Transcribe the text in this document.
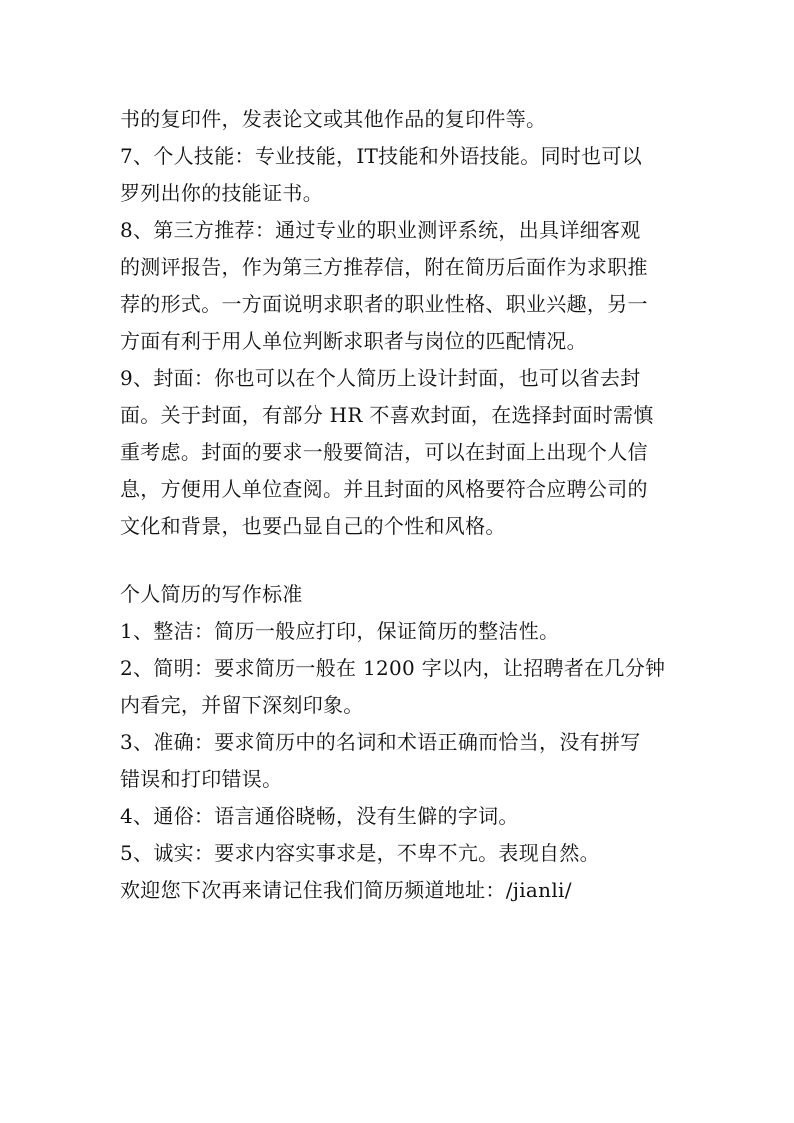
书的复印件，发表论文或其他作品的复印件等。
7、个人技能：专业技能，IT技能和外语技能。同时也可以
罗列出你的技能证书。
8、第三方推荐：通过专业的职业测评系统，出具详细客观
的测评报告，作为第三方推荐信，附在简历后面作为求职推
荐的形式。一方面说明求职者的职业性格、职业兴趣，另一
方面有利于用人单位判断求职者与岗位的匹配情况。
9、封面：你也可以在个人简历上设计封面，也可以省去封
面。关于封面，有部分 HR 不喜欢封面，在选择封面时需慎
重考虑。封面的要求一般要简洁，可以在封面上出现个人信
息，方便用人单位查阅。并且封面的风格要符合应聘公司的
文化和背景，也要凸显自己的个性和风格。
个人简历的写作标准
1、整洁：简历一般应打印，保证简历的整洁性。
2、简明：要求简历一般在 1200 字以内，让招聘者在几分钟
内看完，并留下深刻印象。
3、准确：要求简历中的名词和术语正确而恰当，没有拼写
错误和打印错误。
4、通俗：语言通俗晓畅，没有生僻的字词。
5、诚实：要求内容实事求是，不卑不亢。表现自然。
欢迎您下次再来请记住我们简历频道地址：/jianli/
